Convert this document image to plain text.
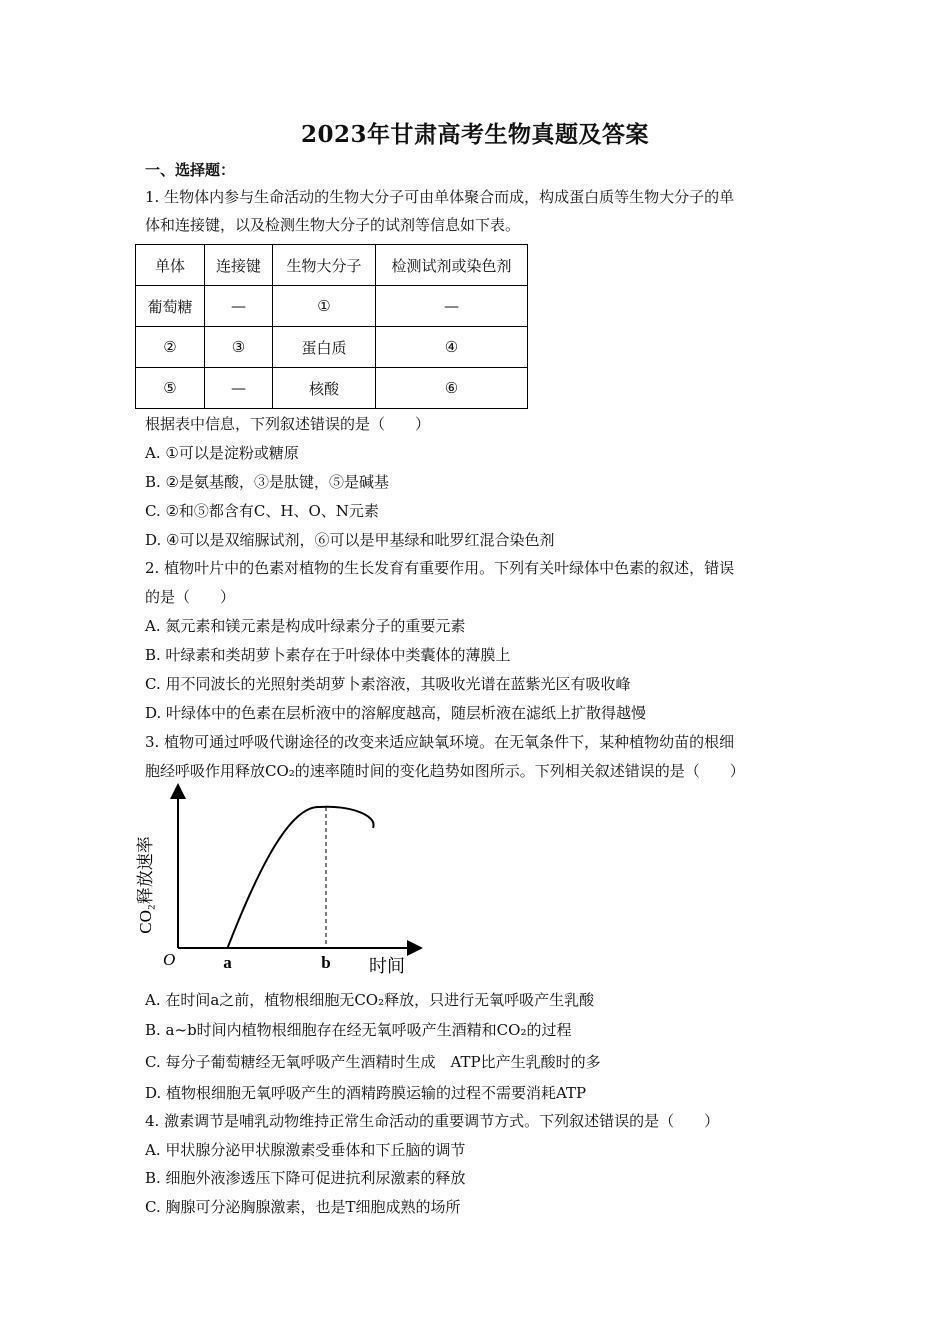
2023年甘肃高考生物真题及答案
一、选择题：
1. 生物体内参与生命活动的生物大分子可由单体聚合而成，构成蛋白质等生物大分子的单
体和连接键，以及检测生物大分子的试剂等信息如下表。
单体	连接键	生物大分子	检测试剂或染色剂
葡萄糖	—	①	—
②	③	蛋白质	④
⑤	—	核酸	⑥
根据表中信息，下列叙述错误的是（　　）
A. ①可以是淀粉或糖原
B. ②是氨基酸，③是肽键，⑤是碱基
C. ②和⑤都含有C、H、O、N元素
D. ④可以是双缩脲试剂，⑥可以是甲基绿和吡罗红混合染色剂
2. 植物叶片中的色素对植物的生长发育有重要作用。下列有关叶绿体中色素的叙述，错误
的是（　　）
A. 氮元素和镁元素是构成叶绿素分子的重要元素
B. 叶绿素和类胡萝卜素存在于叶绿体中类囊体的薄膜上
C. 用不同波长的光照射类胡萝卜素溶液，其吸收光谱在蓝紫光区有吸收峰
D. 叶绿体中的色素在层析液中的溶解度越高，随层析液在滤纸上扩散得越慢
3. 植物可通过呼吸代谢途径的改变来适应缺氧环境。在无氧条件下，某种植物幼苗的根细
胞经呼吸作用释放CO₂的速率随时间的变化趋势如图所示。下列相关叙述错误的是（　　）
CO₂释放速率
O	a	b 时间
A. 在时间a之前，植物根细胞无CO₂释放，只进行无氧呼吸产生乳酸
B. a~b时间内植物根细胞存在经无氧呼吸产生酒精和CO₂的过程
C. 每分子葡萄糖经无氧呼吸产生酒精时生成　ATP比产生乳酸时的多
D. 植物根细胞无氧呼吸产生的酒精跨膜运输的过程不需要消耗ATP
4. 激素调节是哺乳动物维持正常生命活动的重要调节方式。下列叙述错误的是（　　）
A. 甲状腺分泌甲状腺激素受垂体和下丘脑的调节
B. 细胞外液渗透压下降可促进抗利尿激素的释放
C. 胸腺可分泌胸腺激素，也是T细胞成熟的场所
